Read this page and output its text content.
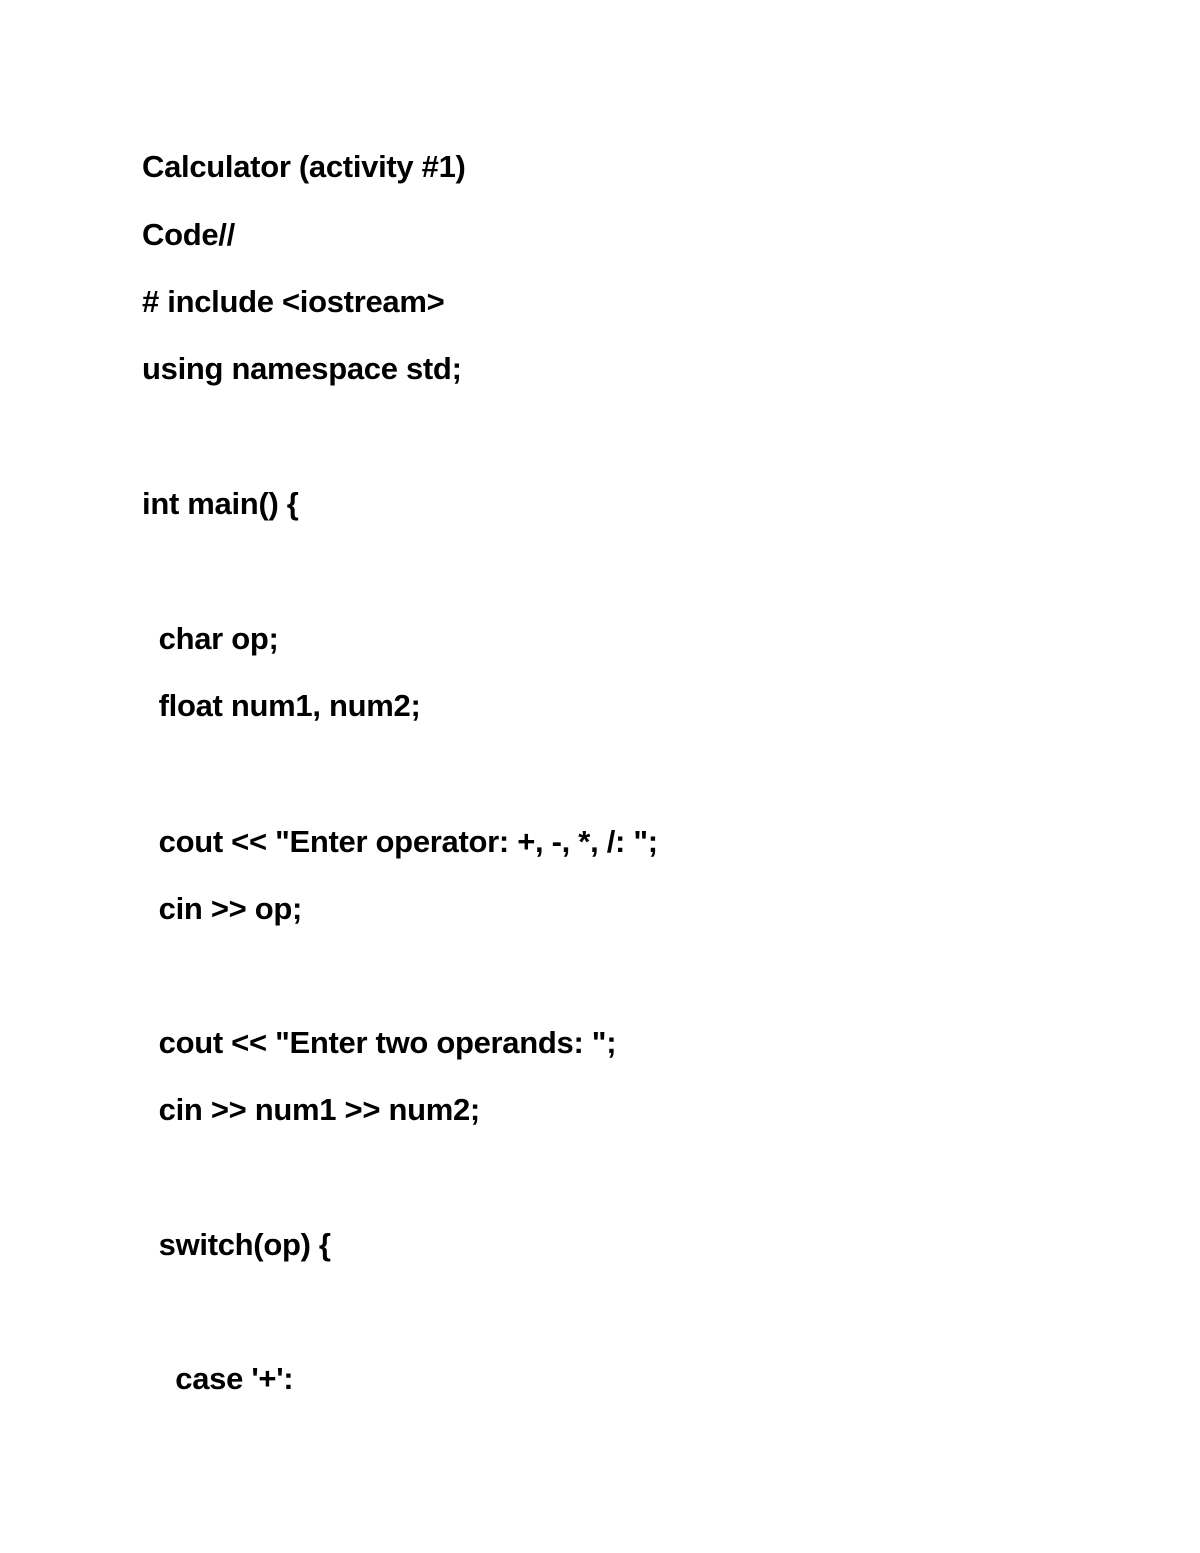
Calculator (activity #1)
Code//
# include <iostream>
using namespace std;
int main() {
char op;
float num1, num2;
cout << "Enter operator: +, -, *, /: ";
cin >> op;
cout << "Enter two operands: ";
cin >> num1 >> num2;
switch(op) {
case '+':
